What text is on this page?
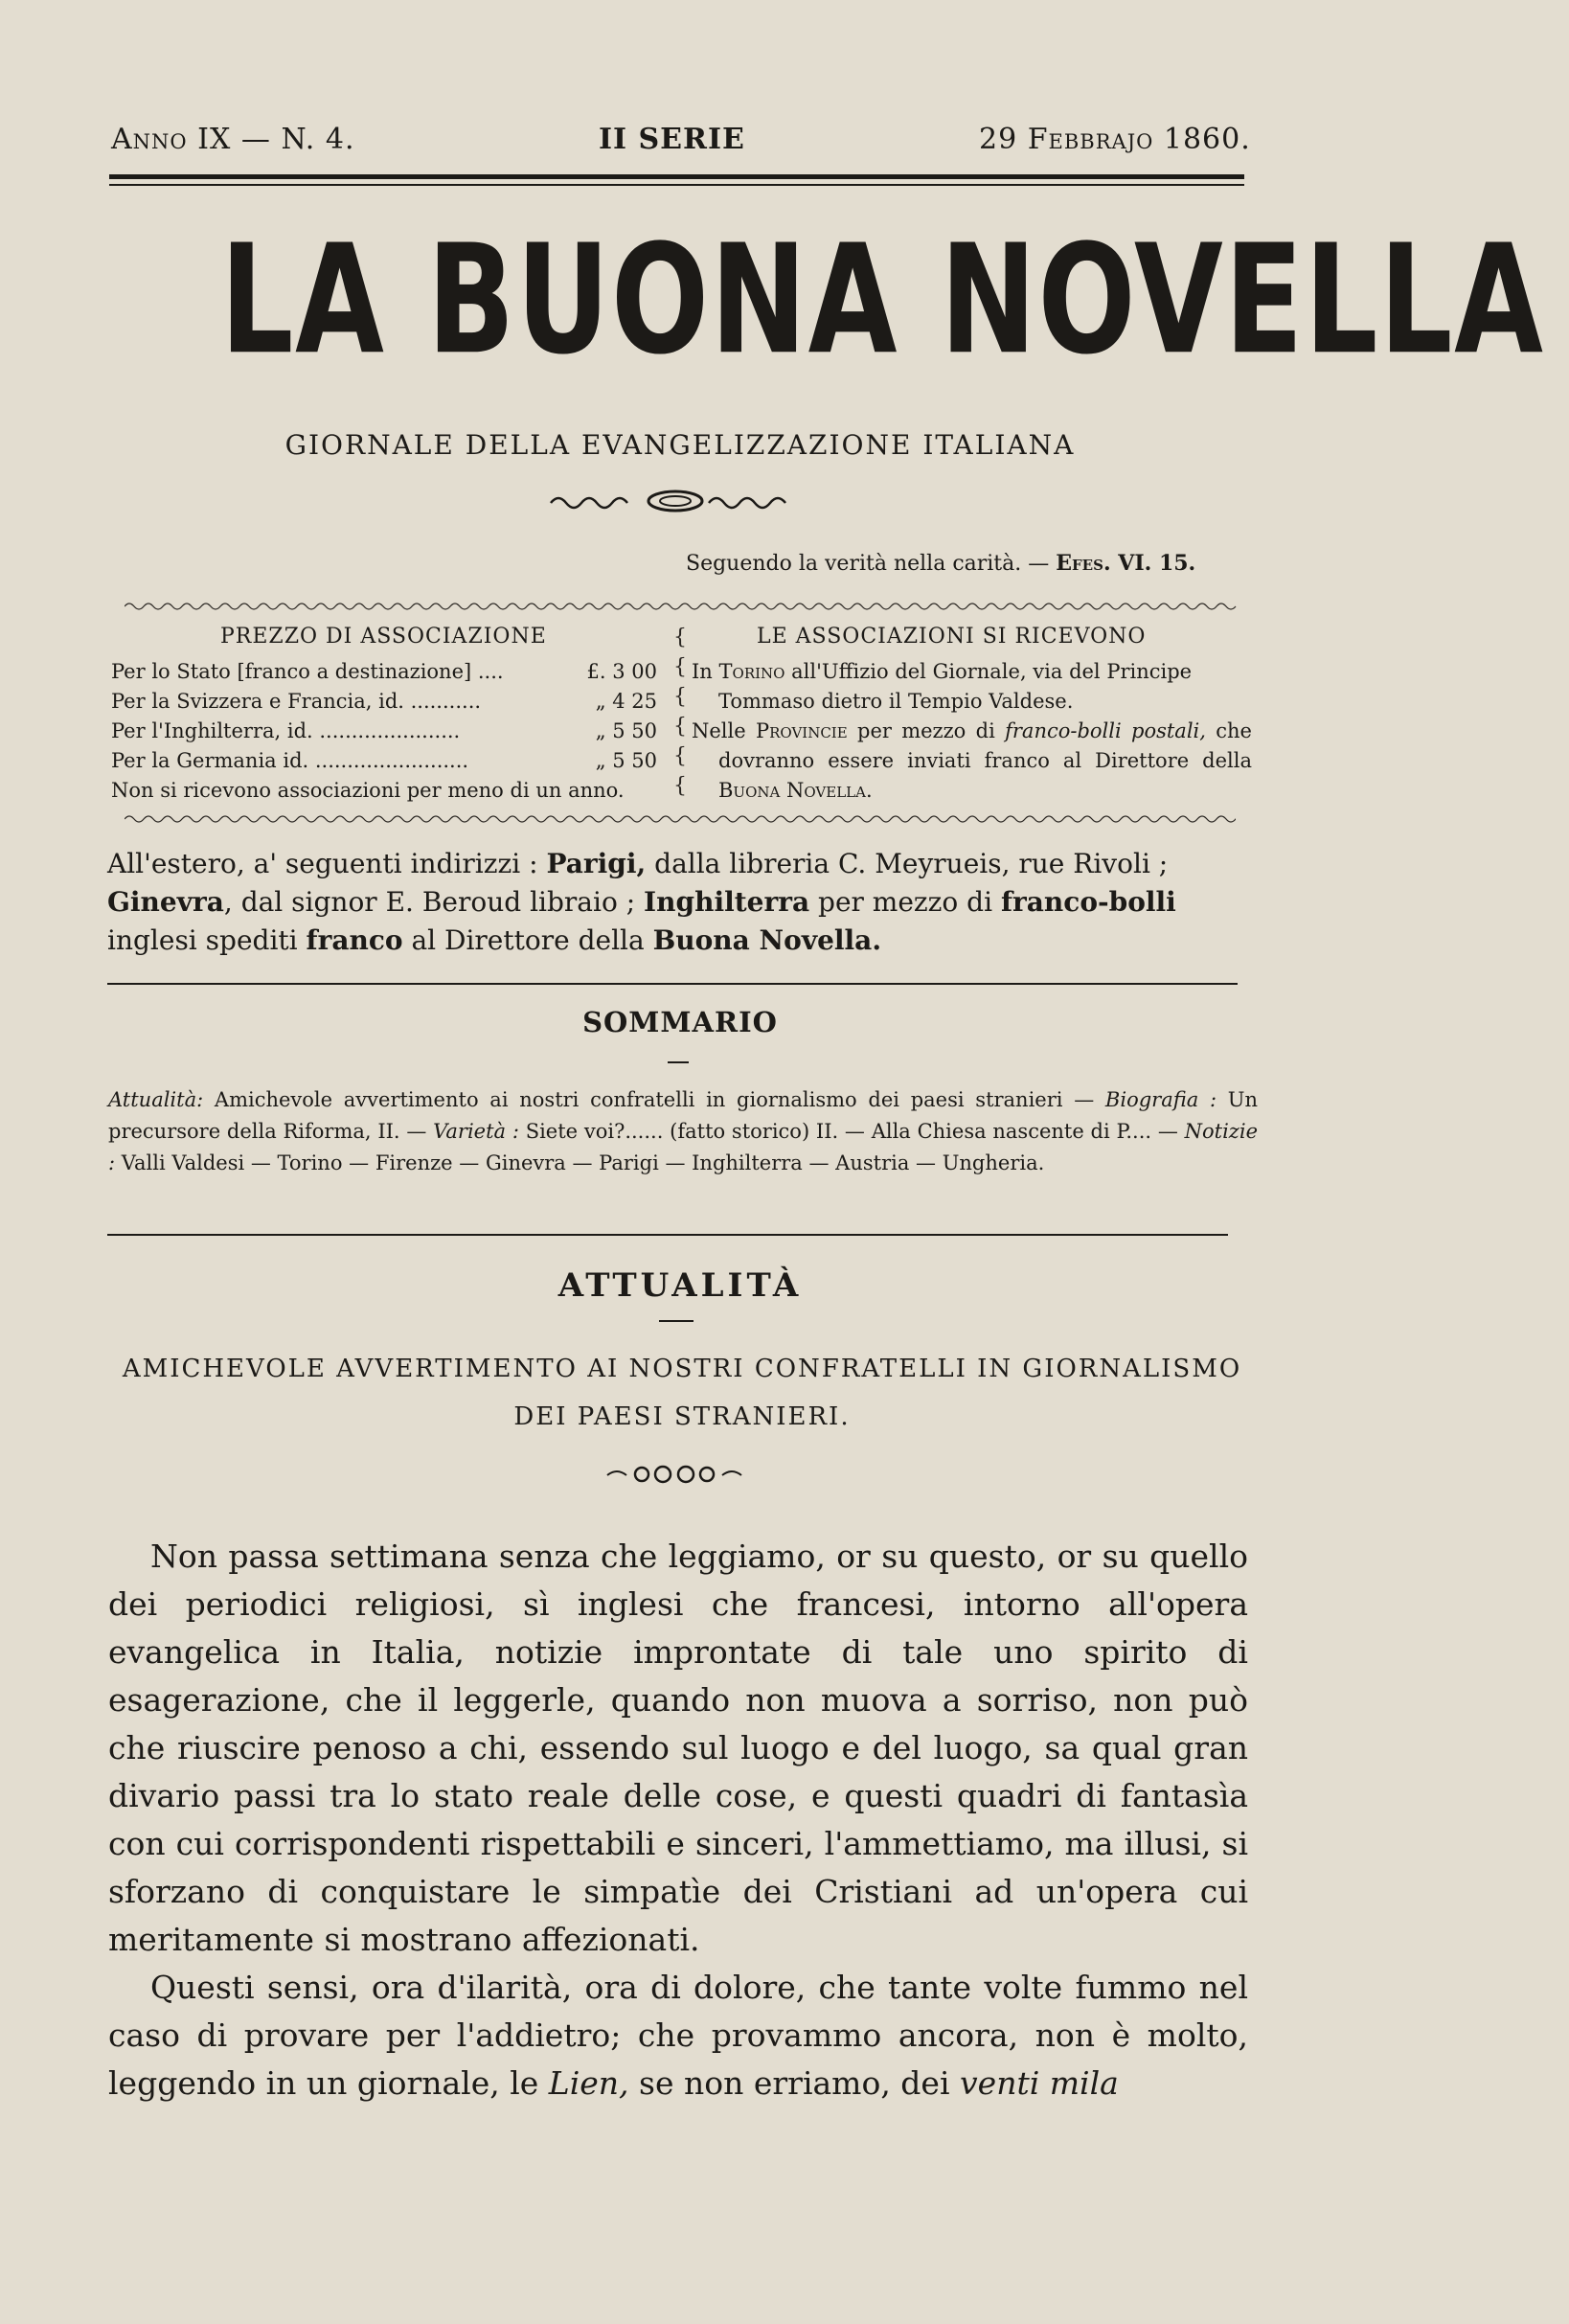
Anno IX — N. 4.	II SERIE	29 Febbrajo 1860.
LA BUONA NOVELLA
GIORNALE DELLA EVANGELIZZAZIONE ITALIANA
Seguendo la verità nella carità. — Efes. VI. 15.
PREZZO DI ASSOCIAZIONE	LE ASSOCIAZIONI SI RICEVONO
Per lo Stato [franco a destinazione] ....	£. 3 00
Per la Svizzera e Francia, id. ...........	„ 4 25
Per l'Inghilterra, id. ......................	„ 5 50
Per la Germania id. ........................	„ 5 50
Non si ricevono associazioni per meno di un anno.
{
{
{
{
{
{
In Torino all'Uffizio del Giornale, via del Principe Tommaso dietro il Tempio Valdese.
Nelle Provincie per mezzo di franco-bolli postali, che dovranno essere inviati franco al Direttore della Buona Novella.
All'estero, a' seguenti indirizzi : Parigi, dalla libreria C. Meyrueis, rue Rivoli ; Ginevra, dal signor E. Beroud libraio ; Inghilterra per mezzo di franco-bolli inglesi spediti franco al Direttore della Buona Novella.
SOMMARIO
Attualità: Amichevole avvertimento ai nostri confratelli in giornalismo dei paesi stranieri — Biografia : Un precursore della Riforma, II. — Varietà : Siete voi?...... (fatto storico) II. — Alla Chiesa nascente di P.... — Notizie : Valli Valdesi — Torino — Firenze — Ginevra — Parigi — Inghilterra — Austria — Ungheria.
ATTUALITÀ
AMICHEVOLE AVVERTIMENTO AI NOSTRI CONFRATELLI IN GIORNALISMO DEI PAESI STRANIERI.

Non passa settimana senza che leggiamo, or su questo, or su quello dei periodici religiosi, sì inglesi che francesi, intorno all'opera evangelica in Italia, notizie improntate di tale uno spirito di esagerazione, che il leggerle, quando non muova a sorriso, non può che riuscire penoso a chi, essendo sul luogo e del luogo, sa qual gran divario passi tra lo stato reale delle cose, e questi quadri di fantasìa con cui corrispondenti rispettabili e sinceri, l'ammettiamo, ma illusi, si sforzano di conquistare le simpatìe dei Cristiani ad un'opera cui meritamente si mostrano affezionati.

Questi sensi, ora d'ilarità, ora di dolore, che tante volte fummo nel caso di provare per l'addietro; che provammo ancora, non è molto, leggendo in un giornale, le Lien, se non erriamo, dei venti mila
